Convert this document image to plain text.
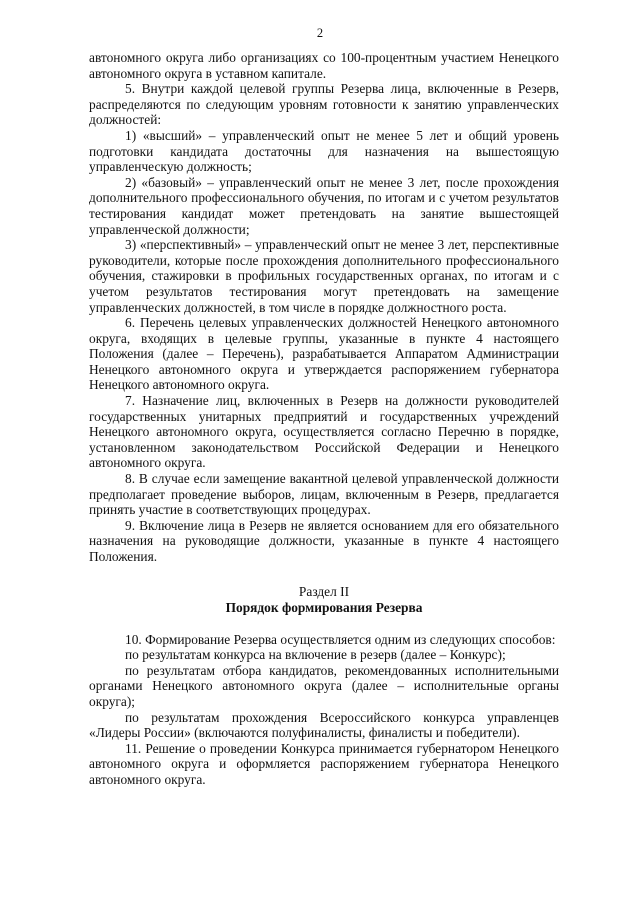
2

автономного округа либо организациях со 100-процентным участием Ненецкого автономного округа в уставном капитале.

5. Внутри каждой целевой группы Резерва лица, включенные в Резерв, распределяются по следующим уровням готовности к занятию управленческих должностей:

1) «высший» – управленческий опыт не менее 5 лет и общий уровень подготовки кандидата достаточны для назначения на вышестоящую управленческую должность;

2) «базовый» – управленческий опыт не менее 3 лет, после прохождения дополнительного профессионального обучения, по итогам и с учетом результатов тестирования кандидат может претендовать на занятие вышестоящей управленческой должности;

3) «перспективный» – управленческий опыт не менее 3 лет, перспективные руководители, которые после прохождения дополнительного профессионального обучения, стажировки в профильных государственных органах, по итогам и с учетом результатов тестирования могут претендовать на замещение управленческих должностей, в том числе в порядке должностного роста.

6. Перечень целевых управленческих должностей Ненецкого автономного округа, входящих в целевые группы, указанные в пункте 4 настоящего Положения (далее – Перечень), разрабатывается Аппаратом Администрации Ненецкого автономного округа и утверждается распоряжением губернатора Ненецкого автономного округа.

7. Назначение лиц, включенных в Резерв на должности руководителей государственных унитарных предприятий и государственных учреждений Ненецкого автономного округа, осуществляется согласно Перечню в порядке, установленном законодательством Российской Федерации и Ненецкого автономного округа.

8. В случае если замещение вакантной целевой управленческой должности предполагает проведение выборов, лицам, включенным в Резерв, предлагается принять участие в соответствующих процедурах.

9. Включение лица в Резерв не является основанием для его обязательного назначения на руководящие должности, указанные в пункте 4 настоящего Положения.

Раздел II

Порядок формирования Резерва

10. Формирование Резерва осуществляется одним из следующих способов:

по результатам конкурса на включение в резерв (далее – Конкурс);

по результатам отбора кандидатов, рекомендованных исполнительными органами Ненецкого автономного округа (далее – исполнительные органы округа);

по результатам прохождения Всероссийского конкурса управленцев «Лидеры России» (включаются полуфиналисты, финалисты и победители).

11. Решение о проведении Конкурса принимается губернатором Ненецкого автономного округа и оформляется распоряжением губернатора Ненецкого автономного округа.
